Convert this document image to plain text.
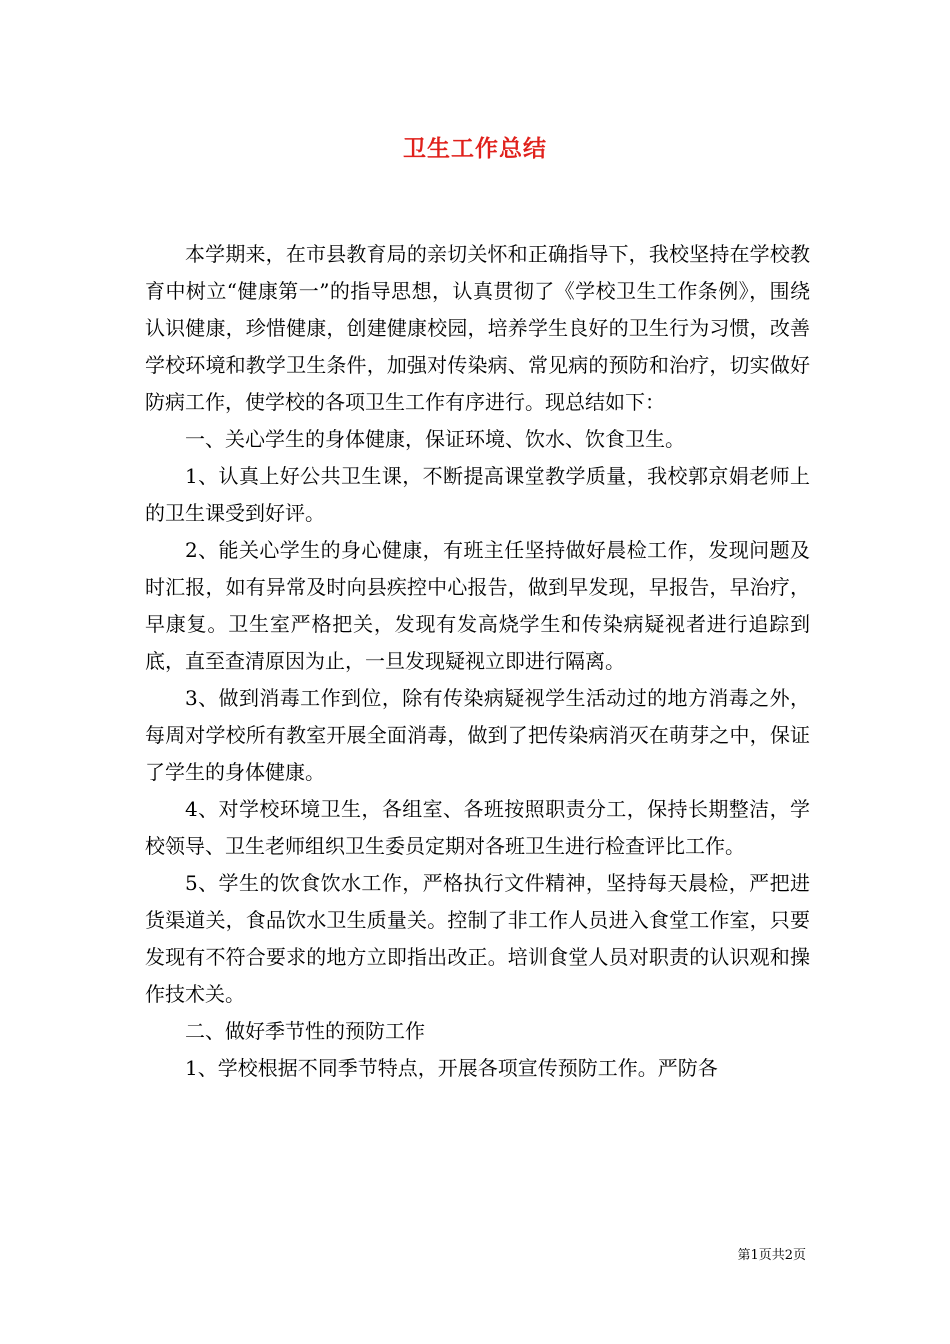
卫生工作总结

本学期来，在市县教育局的亲切关怀和正确指导下，我校坚持在学校教育中树立“健康第一”的指导思想，认真贯彻了《学校卫生工作条例》，围绕认识健康，珍惜健康，创建健康校园，培养学生良好的卫生行为习惯，改善学校环境和教学卫生条件，加强对传染病、常见病的预防和治疗，切实做好防病工作，使学校的各项卫生工作有序进行。现总结如下：

一、关心学生的身体健康，保证环境、饮水、饮食卫生。

1、认真上好公共卫生课，不断提高课堂教学质量，我校郭京娟老师上的卫生课受到好评。

2、能关心学生的身心健康，有班主任坚持做好晨检工作，发现问题及时汇报，如有异常及时向县疾控中心报告，做到早发现，早报告，早治疗，早康复。卫生室严格把关，发现有发高烧学生和传染病疑视者进行追踪到底，直至查清原因为止，一旦发现疑视立即进行隔离。

3、做到消毒工作到位，除有传染病疑视学生活动过的地方消毒之外，每周对学校所有教室开展全面消毒，做到了把传染病消灭在萌芽之中，保证了学生的身体健康。

4、对学校环境卫生，各组室、各班按照职责分工，保持长期整洁，学校领导、卫生老师组织卫生委员定期对各班卫生进行检查评比工作。

5、学生的饮食饮水工作，严格执行文件精神，坚持每天晨检，严把进货渠道关，食品饮水卫生质量关。控制了非工作人员进入食堂工作室，只要发现有不符合要求的地方立即指出改正。培训食堂人员对职责的认识观和操作技术关。

二、做好季节性的预防工作

1、学校根据不同季节特点，开展各项宣传预防工作。严防各

第1页共2页
